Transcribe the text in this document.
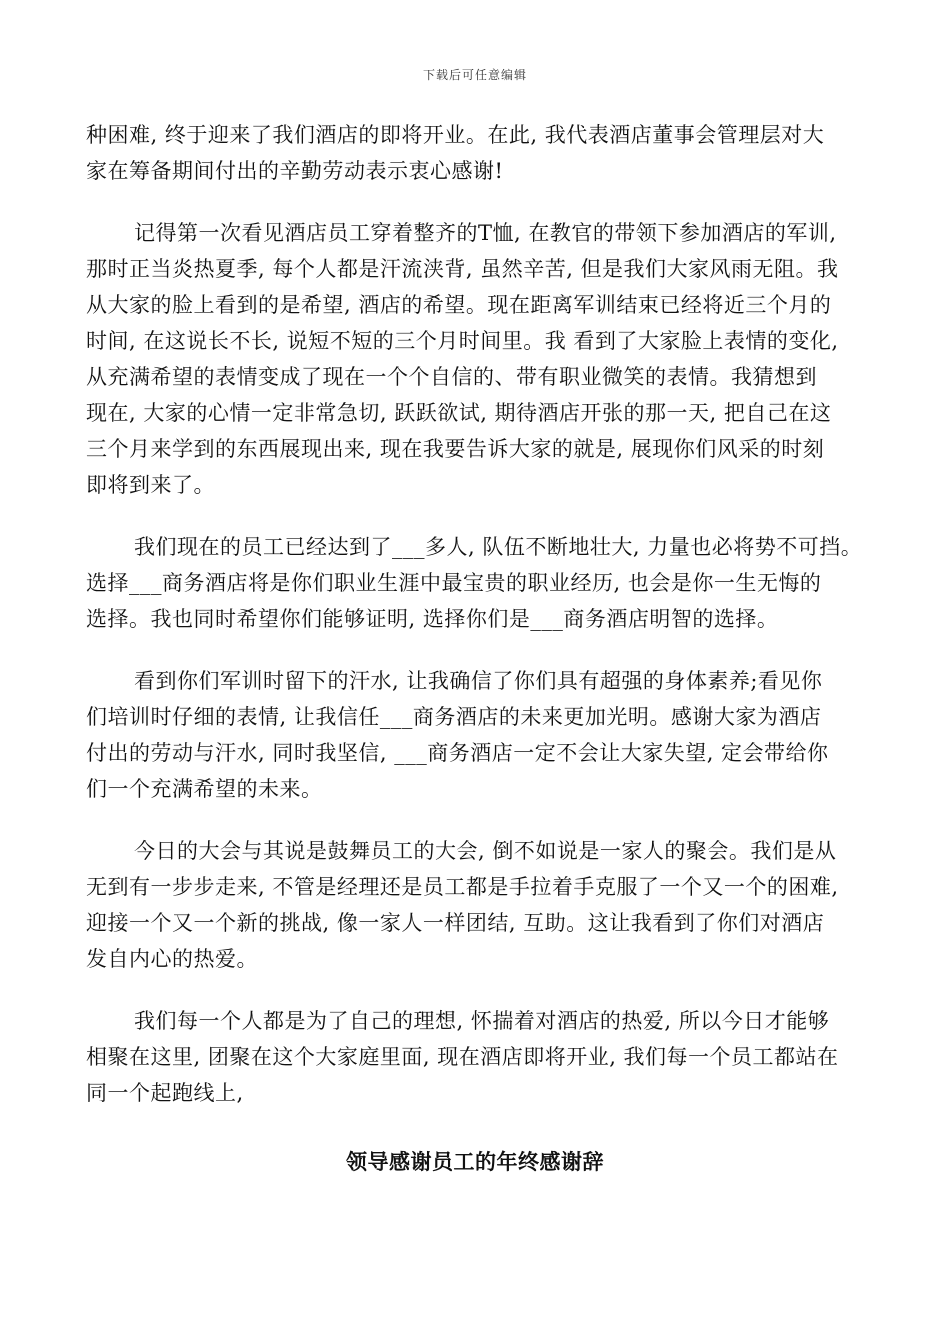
下载后可任意编辑
种困难, 终于迎来了我们酒店的即将开业。在此, 我代表酒店董事会管理层对大
家在筹备期间付出的辛勤劳动表示衷心感谢!
记得第一次看见酒店员工穿着整齐的T恤, 在教官的带领下参加酒店的军训,
那时正当炎热夏季, 每个人都是汗流浃背, 虽然辛苦, 但是我们大家风雨无阻。我
从大家的脸上看到的是希望, 酒店的希望。现在距离军训结束已经将近三个月的
时间, 在这说长不长, 说短不短的三个月时间里。我 看到了大家脸上表情的变化,
从充满希望的表情变成了现在一个个自信的、带有职业微笑的表情。我猜想到
现在, 大家的心情一定非常急切, 跃跃欲试, 期待酒店开张的那一天, 把自己在这
三个月来学到的东西展现出来, 现在我要告诉大家的就是, 展现你们风采的时刻
即将到来了。
我们现在的员工已经达到了___多人, 队伍不断地壮大, 力量也必将势不可挡。
选择___商务酒店将是你们职业生涯中最宝贵的职业经历, 也会是你一生无悔的
选择。我也同时希望你们能够证明, 选择你们是___商务酒店明智的选择。
看到你们军训时留下的汗水, 让我确信了你们具有超强的身体素养;看见你
们培训时仔细的表情, 让我信任___商务酒店的未来更加光明。感谢大家为酒店
付出的劳动与汗水, 同时我坚信, ___商务酒店一定不会让大家失望, 定会带给你
们一个充满希望的未来。
今日的大会与其说是鼓舞员工的大会, 倒不如说是一家人的聚会。我们是从
无到有一步步走来, 不管是经理还是员工都是手拉着手克服了一个又一个的困难,
迎接一个又一个新的挑战, 像一家人一样团结, 互助。这让我看到了你们对酒店
发自内心的热爱。
我们每一个人都是为了自己的理想, 怀揣着对酒店的热爱, 所以今日才能够
相聚在这里, 团聚在这个大家庭里面, 现在酒店即将开业, 我们每一个员工都站在
同一个起跑线上,
领导感谢员工的年终感谢辞
